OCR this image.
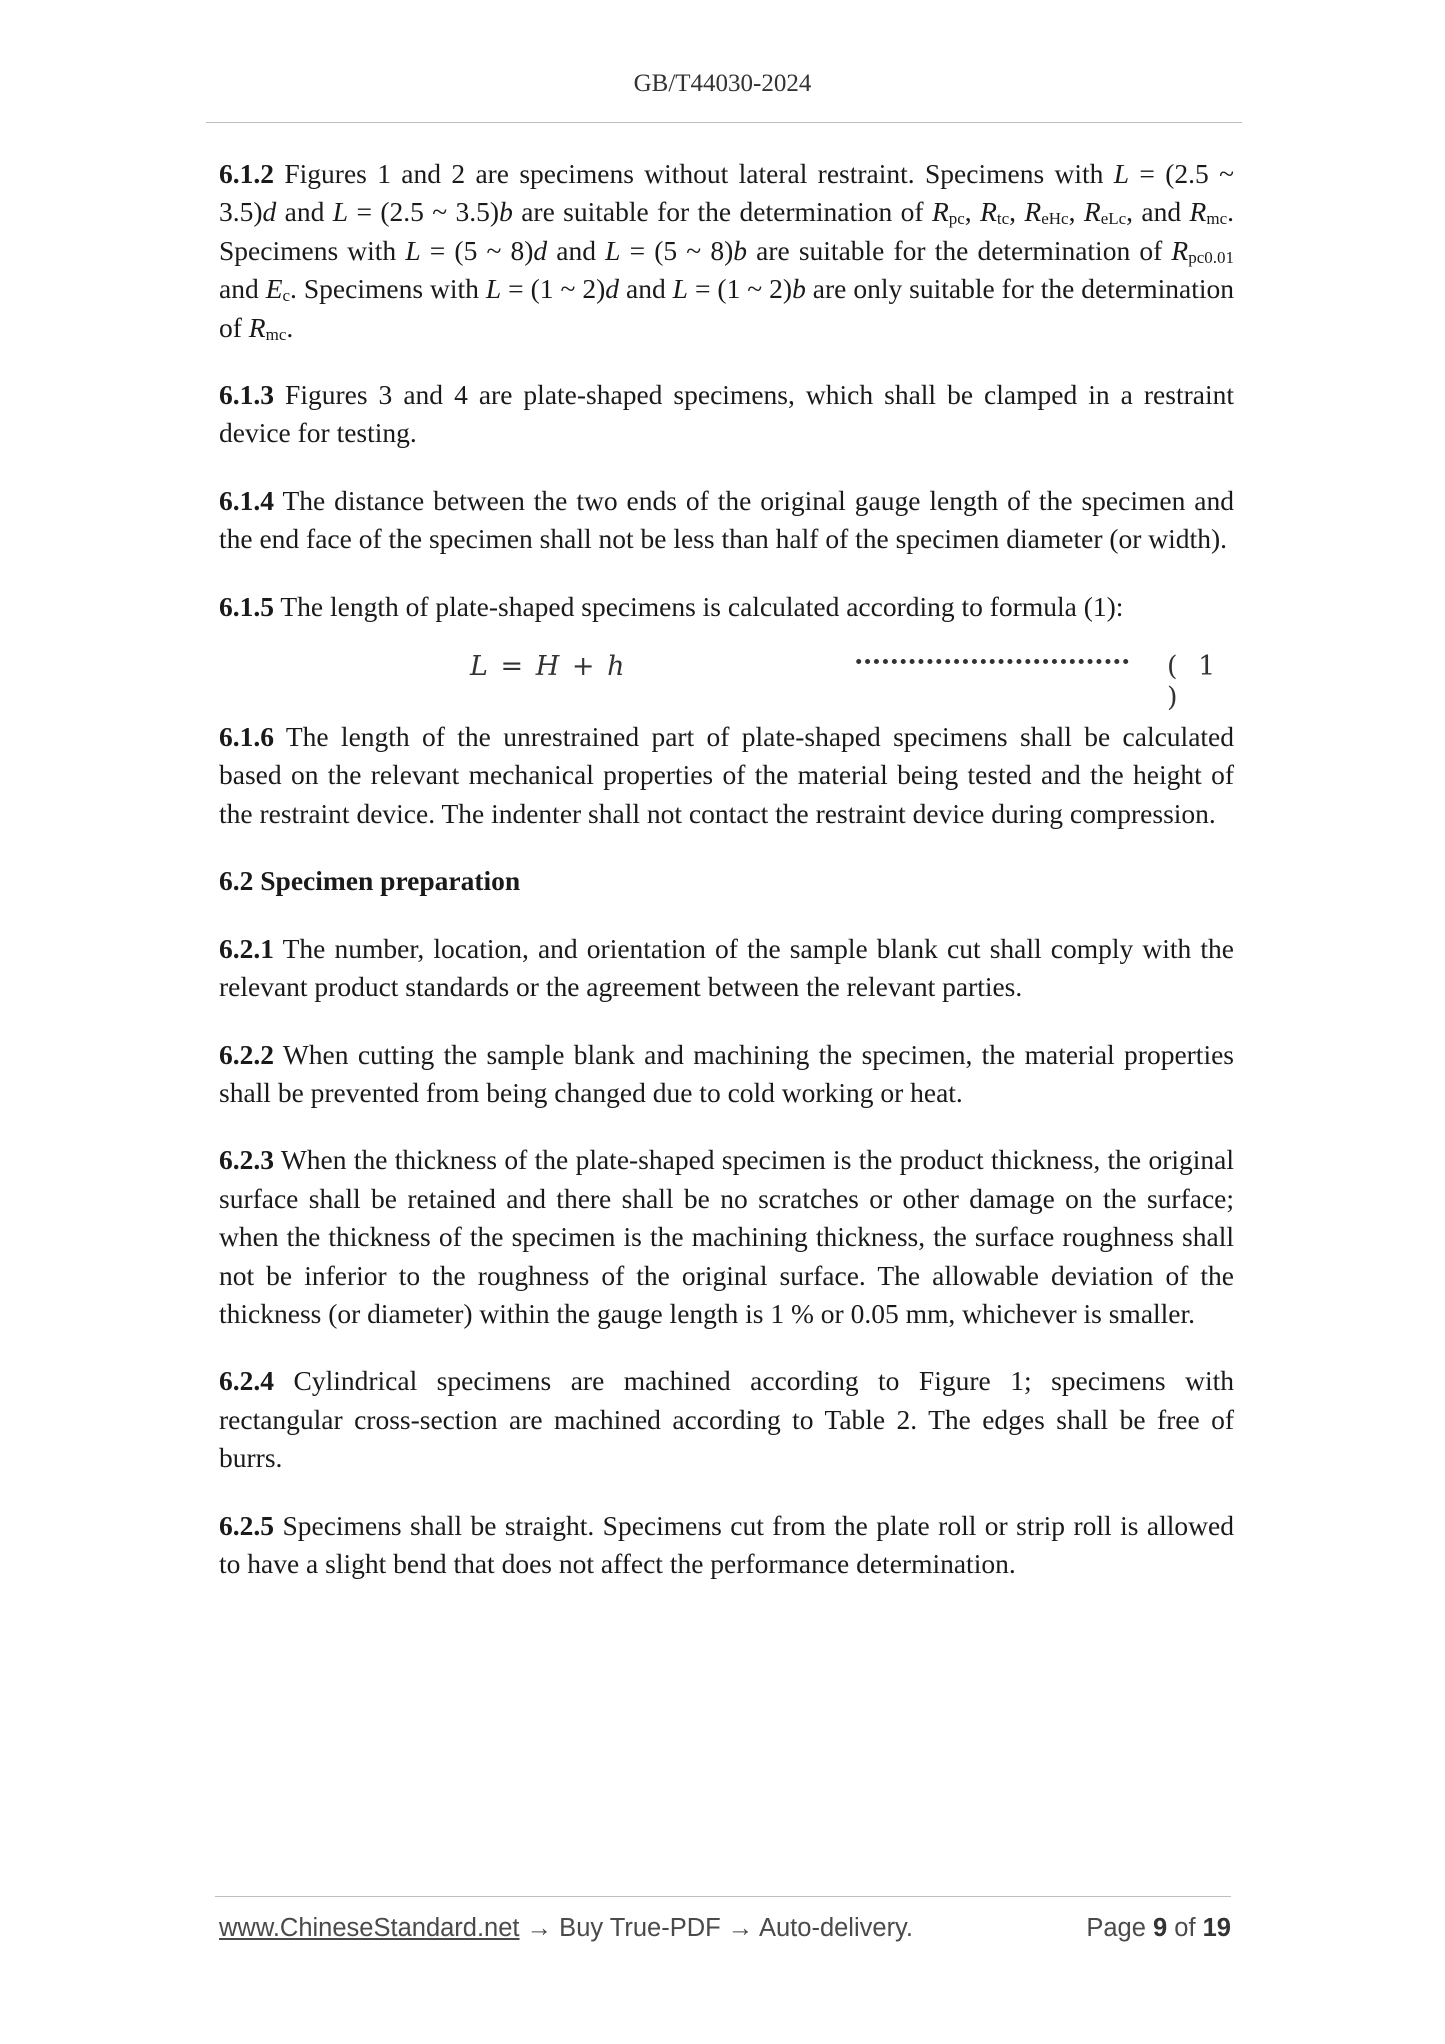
GB/T44030-2024

6.1.2 Figures 1 and 2 are specimens without lateral restraint. Specimens with L = (2.5 ~ 3.5)d and L = (2.5 ~ 3.5)b are suitable for the determination of $R_{pc}$, $R_{tc}$, $R_{eHc}$, $R_{eLc}$, and $R_{mc}$. Specimens with L = (5 ~ 8)d and L = (5 ~ 8)b are suitable for the determination of $R_{pc0.01}$ and $E_c$. Specimens with L = (1 ~ 2)d and L = (1 ~ 2)b are only suitable for the determination of $R_{mc}$.

6.1.3 Figures 3 and 4 are plate-shaped specimens, which shall be clamped in a restraint device for testing.

6.1.4 The distance between the two ends of the original gauge length of the specimen and the end face of the specimen shall not be less than half of the specimen diameter (or width).

6.1.5 The length of plate-shaped specimens is calculated according to formula (1):

L = H + h	······························· ( 1 )

6.1.6 The length of the unrestrained part of plate-shaped specimens shall be calculated based on the relevant mechanical properties of the material being tested and the height of the restraint device. The indenter shall not contact the restraint device during compression.

6.2 Specimen preparation

6.2.1 The number, location, and orientation of the sample blank cut shall comply with the relevant product standards or the agreement between the relevant parties.

6.2.2 When cutting the sample blank and machining the specimen, the material properties shall be prevented from being changed due to cold working or heat.

6.2.3 When the thickness of the plate-shaped specimen is the product thickness, the original surface shall be retained and there shall be no scratches or other damage on the surface; when the thickness of the specimen is the machining thickness, the surface roughness shall not be inferior to the roughness of the original surface. The allowable deviation of the thickness (or diameter) within the gauge length is 1 % or 0.05 mm, whichever is smaller.

6.2.4 Cylindrical specimens are machined according to Figure 1; specimens with rectangular cross-section are machined according to Table 2. The edges shall be free of burrs.

6.2.5 Specimens shall be straight. Specimens cut from the plate roll or strip roll is allowed to have a slight bend that does not affect the performance determination.

www.ChineseStandard.net → Buy True-PDF → Auto-delivery.	Page 9 of 19
